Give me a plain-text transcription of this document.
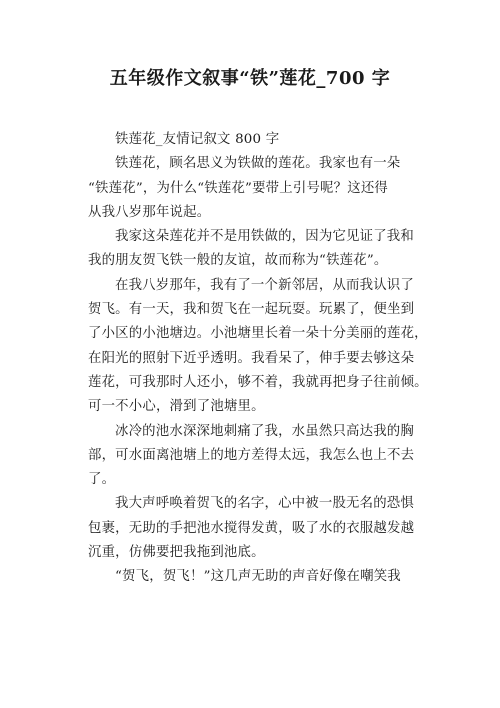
五年级作文叙事“铁”莲花_700 字
铁莲花_友情记叙文 800 字
铁莲花，顾名思义为铁做的莲花。我家也有一朵
“铁莲花”，为什么“铁莲花”要带上引号呢？这还得
从我八岁那年说起。
我家这朵莲花并不是用铁做的，因为它见证了我和
我的朋友贺飞铁一般的友谊，故而称为“铁莲花”。
在我八岁那年，我有了一个新邻居，从而我认识了
贺飞。有一天，我和贺飞在一起玩耍。玩累了，便坐到
了小区的小池塘边。小池塘里长着一朵十分美丽的莲花，
在阳光的照射下近乎透明。我看呆了，伸手要去够这朵
莲花，可我那时人还小，够不着，我就再把身子往前倾。
可一不小心，滑到了池塘里。
冰冷的池水深深地刺痛了我，水虽然只高达我的胸
部，可水面离池塘上的地方差得太远，我怎么也上不去
了。
我大声呼唤着贺飞的名字，心中被一股无名的恐惧
包裹，无助的手把池水搅得发黄，吸了水的衣服越发越
沉重，仿佛要把我拖到池底。
“贺飞，贺飞！”这几声无助的声音好像在嘲笑我
